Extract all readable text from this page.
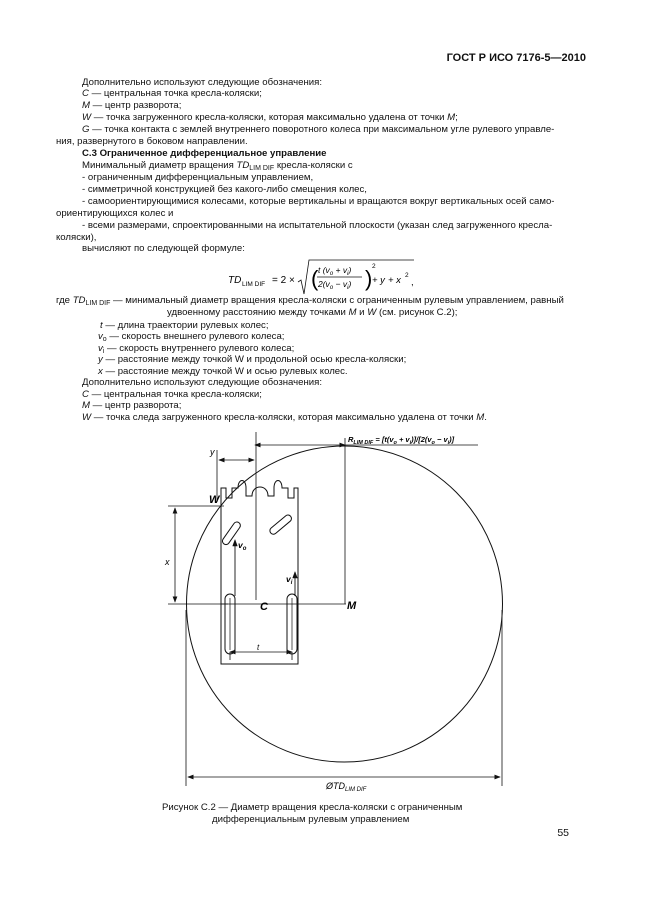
ГОСТ Р ИСО 7176-5—2010
Дополнительно используют следующие обозначения:
C — центральная точка кресла-коляски;
M — центр разворота;
W — точка загруженного кресла-коляски, которая максимально удалена от точки M;
G — точка контакта с землей внутреннего поворотного колеса при максимальном угле рулевого управле-
ния, развернутого в боковом направлении.
С.3 Ограниченное дифференциальное управление
Минимальный диаметр вращения $TD_{LIM DIF}$ кресла-коляски с
- ограниченным дифференциальным управлением,
- симметричной конструкцией без какого-либо смещения колес,
- самоориентирующимися колесами, которые вертикальны и вращаются вокруг вертикальных осей само-
ориентирующихся колес и
- всеми размерами, спроектированными на испытательной плоскости (указан след загруженного кресла-
коляски),
вычисляют по следующей формуле:
TD LIM DIF = 2 × ( )
t $(v_o + v_i)$
$2(v_o - v_i)$
2
+ y + x 2
,
где $TD_{LIM DIF}$ — минимальный диаметр вращения кресла-коляски с ограниченным рулевым управлением, равный
удвоенному расстоянию между точками M и W (см. рисунок С.2);
t — длина траектории рулевых колес;
$v_o$ — скорость внешнего рулевого колеса;
$v_i$ — скорость внутреннего рулевого колеса;
y — расстояние между точкой W и продольной осью кресла-коляски;
x — расстояние между точкой W и осью рулевых колес.
Дополнительно используют следующие обозначения:
C — центральная точка кресла-коляски;
M — центр разворота;
W — точка следа загруженного кресла-коляски, которая максимально удалена от точки M.
$ØTD_{LIM DIF}$
$R_{LIM DIF} = [t(v_o + v_i)]/[2(v_o - v_i)]$
y
x
$v_o$
$v_i$
t
W
C	M
Рисунок С.2 — Диаметр вращения кресла-коляски с ограниченным
дифференциальным рулевым управлением
55
